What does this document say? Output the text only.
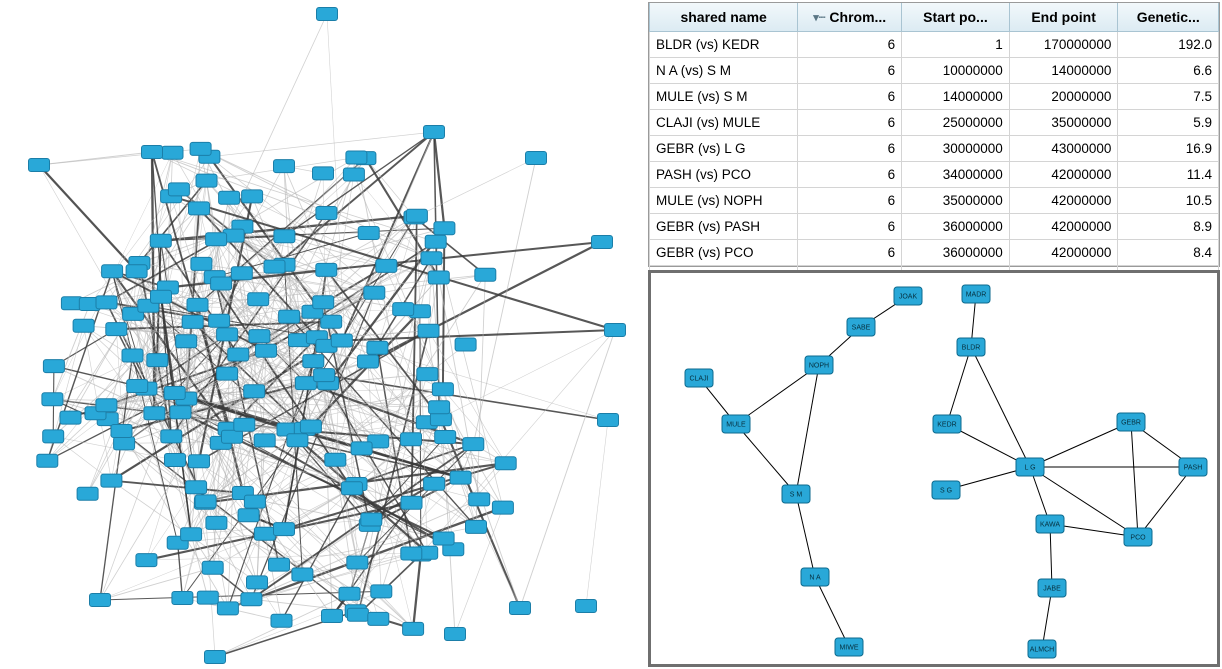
shared name	▾┈ Chrom...	Start po...	End point	Genetic...
BLDR (vs) KEDR	6	1	170000000	192.0
N A (vs) S M	6	10000000	14000000	6.6
MULE (vs) S M	6	14000000	20000000	7.5
CLAJI (vs) MULE	6	25000000	35000000	5.9
GEBR (vs) L G	6	30000000	43000000	16.9
PASH (vs) PCO	6	34000000	42000000	11.4
MULE (vs) NOPH	6	35000000	42000000	10.5
GEBR (vs) PASH	6	36000000	42000000	8.9
GEBR (vs) PCO	6	36000000	42000000	8.4

JOAK
SABE
NOPH
CLAJI
MULE
S M
N A
MIWE
MADR
BLDR
KEDR
S G
L G
GEBR
PASH
PCO
KAWA
JABE
ALMCH
